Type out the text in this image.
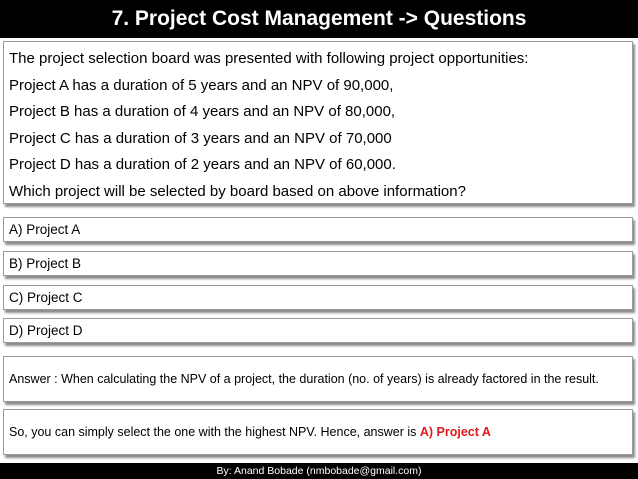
7. Project Cost Management -> Questions
The project selection board was presented with following project opportunities:
Project A has a duration of 5 years and an NPV of 90,000,
Project B has a duration of 4 years and an NPV of 80,000,
Project C has a duration of 3 years and an NPV of 70,000
Project D has a duration of 2 years and an NPV of 60,000.
Which project will be selected by board based on above information?
A) Project A
B) Project B
C) Project C
D) Project D
Answer : When calculating the NPV of a project, the duration (no. of years) is already factored in the result.
So, you can simply select the one with the highest NPV. Hence, answer is A) Project A
By: Anand Bobade (nmbobade@gmail.com)
